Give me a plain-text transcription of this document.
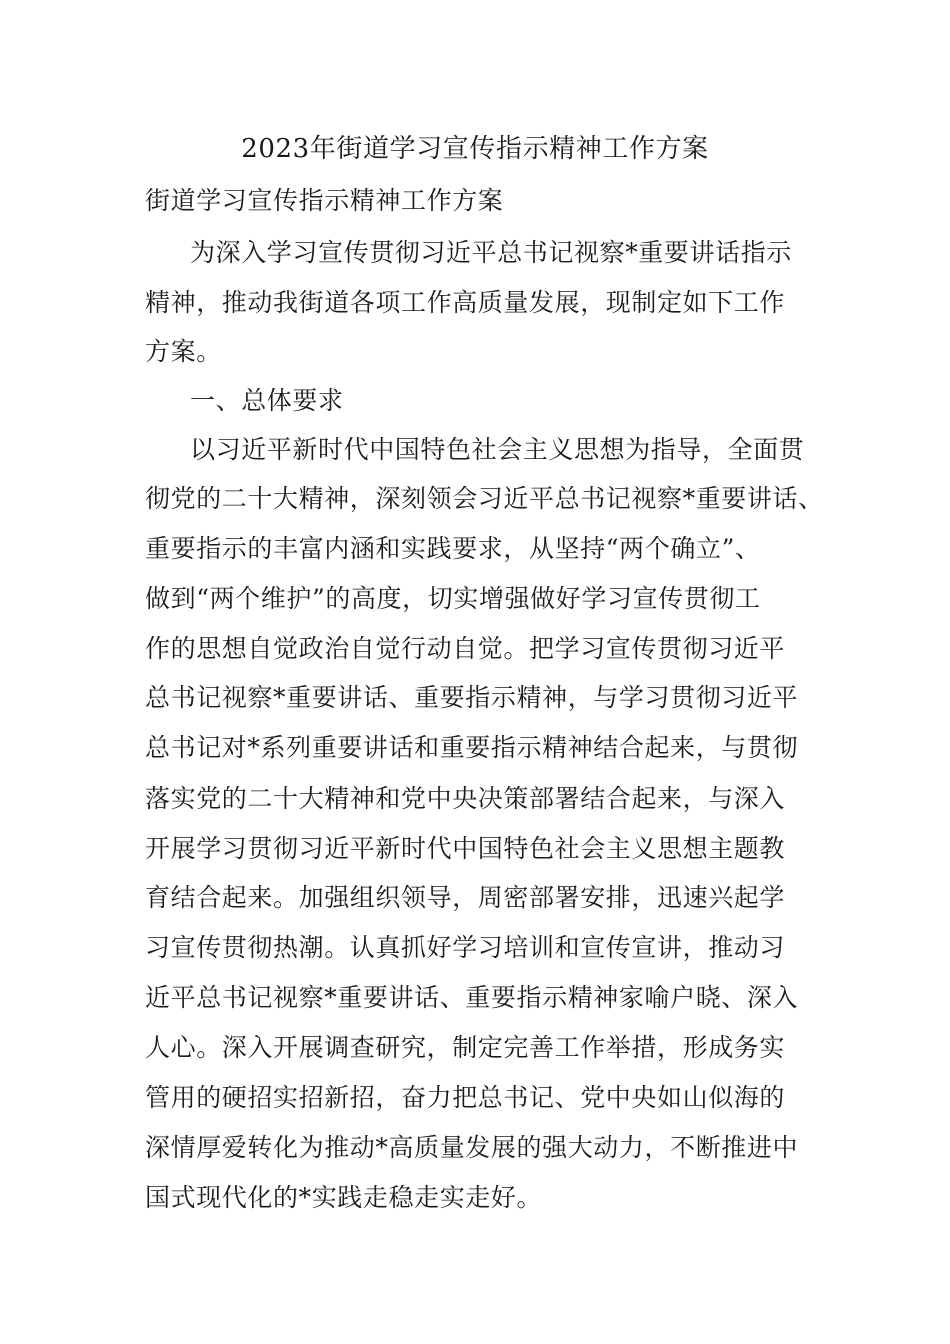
2023年街道学习宣传指示精神工作方案
街道学习宣传指示精神工作方案
为深入学习宣传贯彻习近平总书记视察*重要讲话指示
精神，推动我街道各项工作高质量发展，现制定如下工作
方案。
一、总体要求
以习近平新时代中国特色社会主义思想为指导，全面贯
彻党的二十大精神，深刻领会习近平总书记视察*重要讲话、
重要指示的丰富内涵和实践要求，从坚持“两个确立”、
做到“两个维护”的高度，切实增强做好学习宣传贯彻工
作的思想自觉政治自觉行动自觉。把学习宣传贯彻习近平
总书记视察*重要讲话、重要指示精神，与学习贯彻习近平
总书记对*系列重要讲话和重要指示精神结合起来，与贯彻
落实党的二十大精神和党中央决策部署结合起来，与深入
开展学习贯彻习近平新时代中国特色社会主义思想主题教
育结合起来。加强组织领导，周密部署安排，迅速兴起学
习宣传贯彻热潮。认真抓好学习培训和宣传宣讲，推动习
近平总书记视察*重要讲话、重要指示精神家喻户晓、深入
人心。深入开展调查研究，制定完善工作举措，形成务实
管用的硬招实招新招，奋力把总书记、党中央如山似海的
深情厚爱转化为推动*高质量发展的强大动力，不断推进中
国式现代化的*实践走稳走实走好。
